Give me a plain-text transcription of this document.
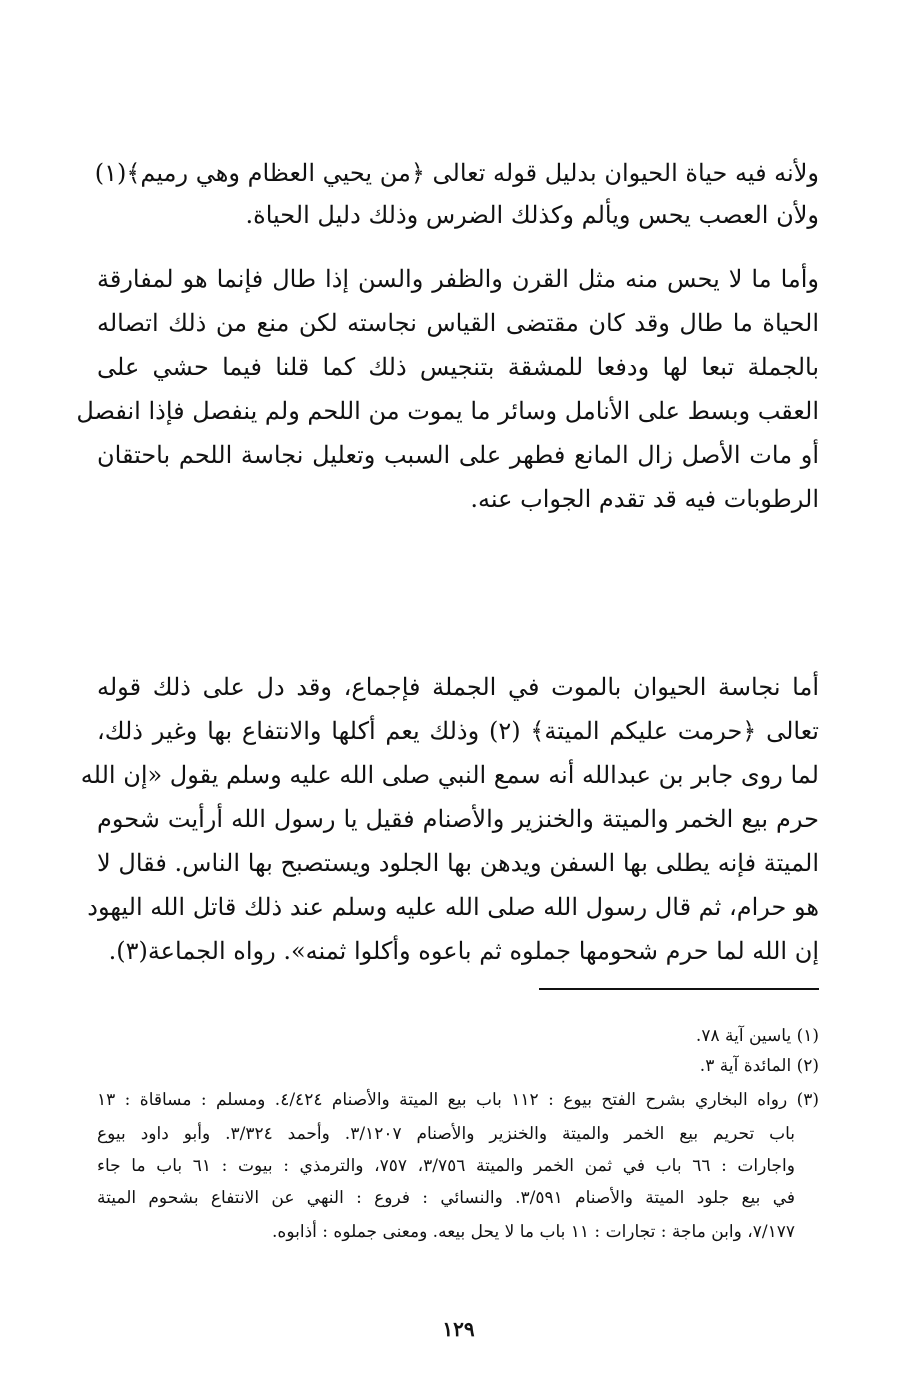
ولأنه فيه حياة الحيوان بدليل قوله تعالى ﴿من يحيي العظام وهي رميم﴾(١)
ولأن العصب يحس ويألم وكذلك الضرس وذلك دليل الحياة.
وأما ما لا يحس منه مثل القرن والظفر والسن إذا طال فإنما هو لمفارقة
الحياة ما طال وقد كان مقتضى القياس نجاسته لكن منع من ذلك اتصاله
بالجملة تبعا لها ودفعا للمشقة بتنجيس ذلك كما قلنا فيما حشي على
العقب وبسط على الأنامل وسائر ما يموت من اللحم ولم ينفصل فإذا انفصل
أو مات الأصل زال المانع فطهر على السبب وتعليل نجاسة اللحم باحتقان
الرطوبات فيه قد تقدم الجواب عنه.
أما نجاسة الحيوان بالموت في الجملة فإجماع، وقد دل على ذلك قوله
تعالى ﴿حرمت عليكم الميتة﴾ (٢) وذلك يعم أكلها والانتفاع بها وغير ذلك،
لما روى جابر بن عبدالله أنه سمع النبي صلى الله عليه وسلم يقول «إن الله
حرم بيع الخمر والميتة والخنزير والأصنام فقيل يا رسول الله أرأيت شحوم
الميتة فإنه يطلى بها السفن ويدهن بها الجلود ويستصبح بها الناس. فقال لا
هو حرام، ثم قال رسول الله صلى الله عليه وسلم عند ذلك قاتل الله اليهود
إن الله لما حرم شحومها جملوه ثم باعوه وأكلوا ثمنه». رواه الجماعة(٣).
(١) ياسين آية ٧٨.
(٢) المائدة آية ٣.
(٣) رواه البخاري بشرح الفتح بيوع : ١١٢ باب بيع الميتة والأصنام ٤/٤٢٤. ومسلم : مساقاة : ١٣
باب تحريم بيع الخمر والميتة والخنزير والأصنام ٣/١٢٠٧. وأحمد ٣/٣٢٤. وأبو داود بيوع
واجارات : ٦٦ باب في ثمن الخمر والميتة ٣/٧٥٦، ٧٥٧، والترمذي : بيوت : ٦١ باب ما جاء
في بيع جلود الميتة والأصنام ٣/٥٩١. والنسائي : فروع : النهي عن الانتفاع بشحوم الميتة
٧/١٧٧، وابن ماجة : تجارات : ١١ باب ما لا يحل بيعه. ومعنى جملوه : أذابوه.
١٢٩
